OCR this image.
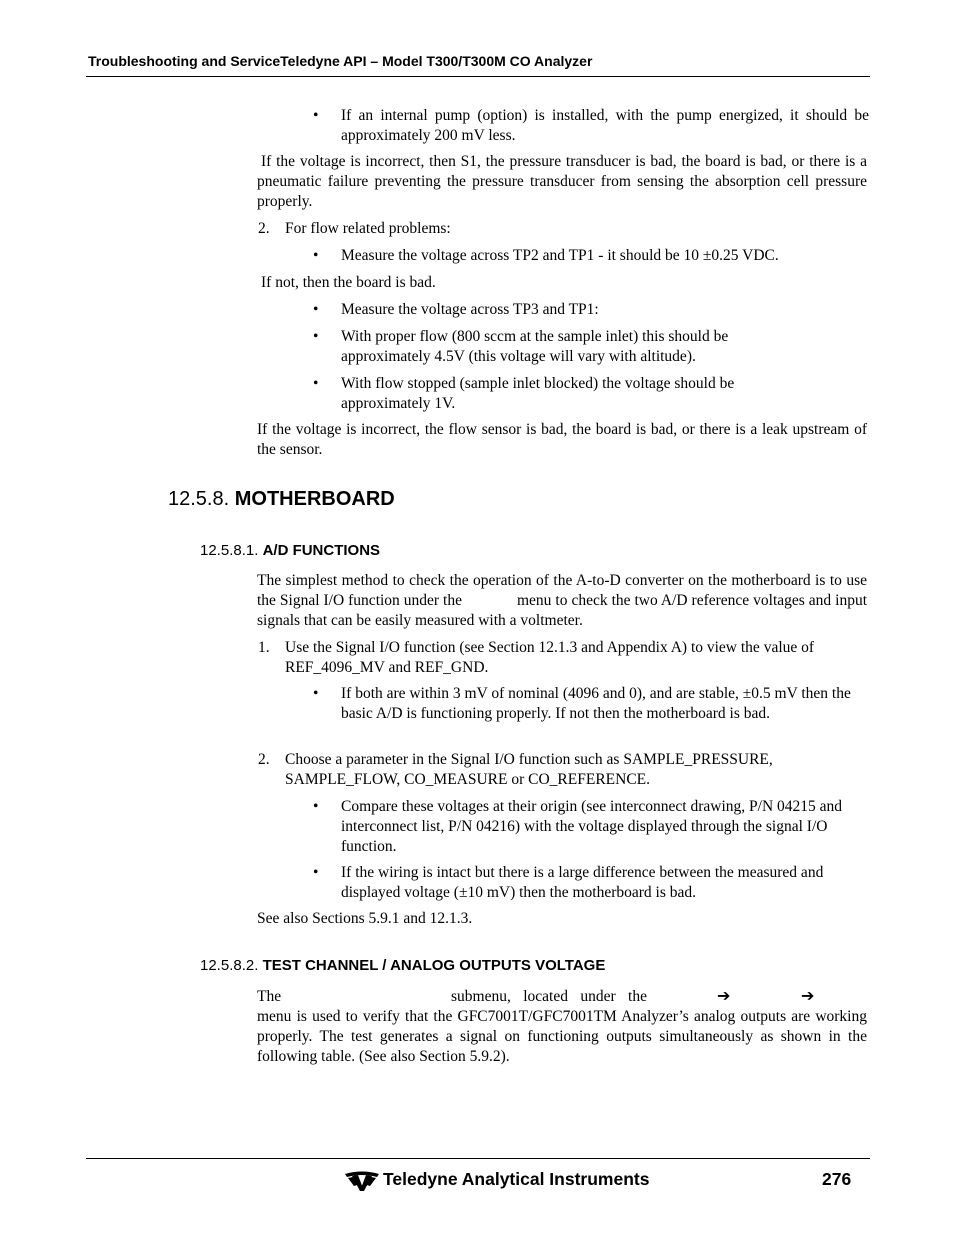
Troubleshooting and ServiceTeledyne API – Model T300/T300M CO Analyzer
• If an internal pump (option) is installed, with the pump energized, it should be approximately 200 mV less.

If the voltage is incorrect, then S1, the pressure transducer is bad, the board is bad, or there is a pneumatic failure preventing the pressure transducer from sensing the absorption cell pressure properly.

2. For flow related problems:
• Measure the voltage across TP2 and TP1 - it should be 10 ±0.25 VDC.
If not, then the board is bad.
• Measure the voltage across TP3 and TP1:
• With proper flow (800 sccm at the sample inlet) this should be approximately 4.5V (this voltage will vary with altitude).

• With flow stopped (sample inlet blocked) the voltage should be approximately 1V.

If the voltage is incorrect, the flow sensor is bad, the board is bad, or there is a leak upstream of the sensor.

12.5.8. MOTHERBOARD
12.5.8.1. A/D FUNCTIONS
The simplest method to check the operation of the A-to-D converter on the motherboard is to use the Signal I/O function under the	menu to check the two A/D reference voltages and input signals that can be easily measured with a voltmeter.
1. Use the Signal I/O function (see Section 12.1.3 and Appendix A) to view the value of REF_4096_MV and REF_GND.

• If both are within 3 mV of nominal (4096 and 0), and are stable, ±0.5 mV then the basic A/D is functioning properly. If not then the motherboard is bad.

2. Choose a parameter in the Signal I/O function such as SAMPLE_PRESSURE, SAMPLE_FLOW, CO_MEASURE or CO_REFERENCE.

• Compare these voltages at their origin (see interconnect drawing, P/N 04215 and interconnect list, P/N 04216) with the voltage displayed through the signal I/O function.

• If the wiring is intact but there is a large difference between the measured and displayed voltage (±10 mV) then the motherboard is bad.

See also Sections 5.9.1 and 12.1.3.
12.5.8.2. TEST CHANNEL / ANALOG OUTPUTS VOLTAGE
The	submenu, located under the	➔	➔

menu is used to verify that the GFC7001T/GFC7001TM Analyzer’s analog outputs are working properly. The test generates a signal on functioning outputs simultaneously as shown in the following table. (See also Section 5.9.2).

Teledyne Analytical Instruments	276
